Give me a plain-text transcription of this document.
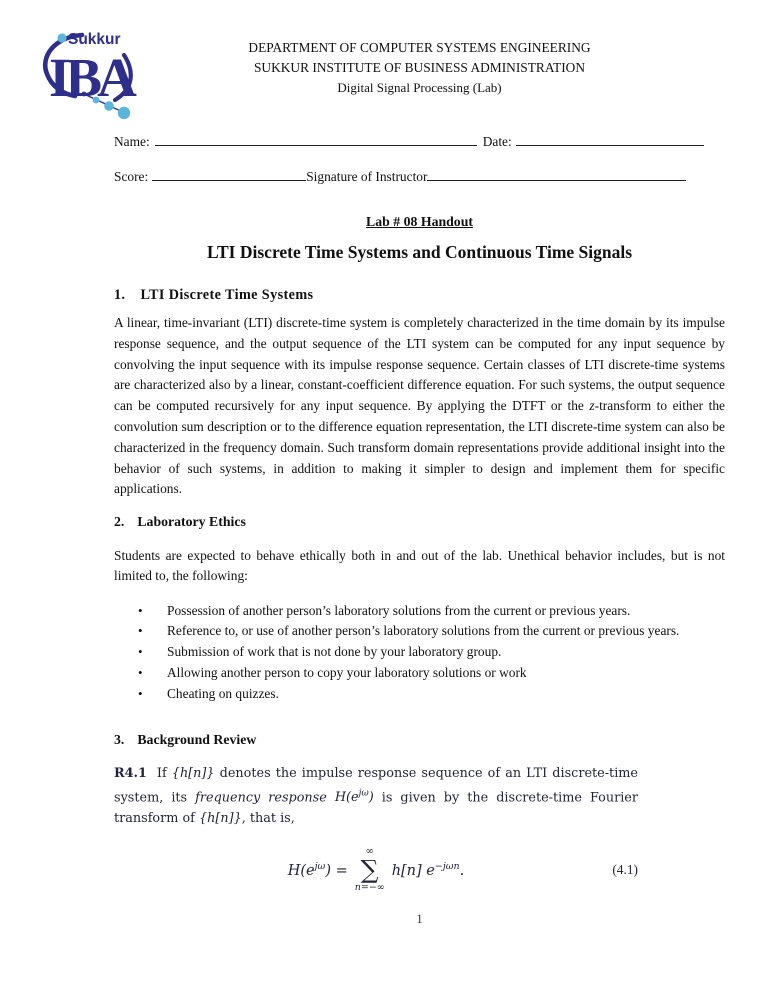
Sukkur
IBA	DEPARTMENT OF COMPUTER SYSTEMS ENGINEERING
SUKKUR INSTITUTE OF BUSINESS ADMINISTRATION
Digital Signal Processing (Lab)
Name:	Date:
Score:	Signature of Instructor
Lab # 08 Handout
LTI Discrete Time Systems and Continuous Time Signals
1. LTI Discrete Time Systems

A linear, time-invariant (LTI) discrete-time system is completely characterized in the time domain by its impulse response sequence, and the output sequence of the LTI system can be computed for any input sequence by convolving the input sequence with its impulse response sequence. Certain classes of LTI discrete-time systems are characterized also by a linear, constant-coefficient difference equation. For such systems, the output sequence can be computed recursively for any input sequence. By applying the DTFT or the z-transform to either the convolution sum description or to the difference equation representation, the LTI discrete-time system can also be characterized in the frequency domain. Such transform domain representations provide additional insight into the behavior of such systems, in addition to making it simpler to design and implement them for specific applications.

2. Laboratory Ethics

Students are expected to behave ethically both in and out of the lab. Unethical behavior includes, but is not limited to, the following:

• Possession of another person’s laboratory solutions from the current or previous years.
• Reference to, or use of another person’s laboratory solutions from the current or previous years.
• Submission of work that is not done by your laboratory group.
• Allowing another person to copy your laboratory solutions or work
• Cheating on quizzes.
3. Background Review

R4.1 If {h[n]} denotes the impulse response sequence of an LTI discrete-time system, its frequency response $H(e^{j\omega})$ is given by the discrete-time Fourier transform of {h[n]}, that is,

$H(e^{j\omega})$ =
∞
∑
n=−∞
h[n] $e^{-j\omega n}$.	(4.1)
1
